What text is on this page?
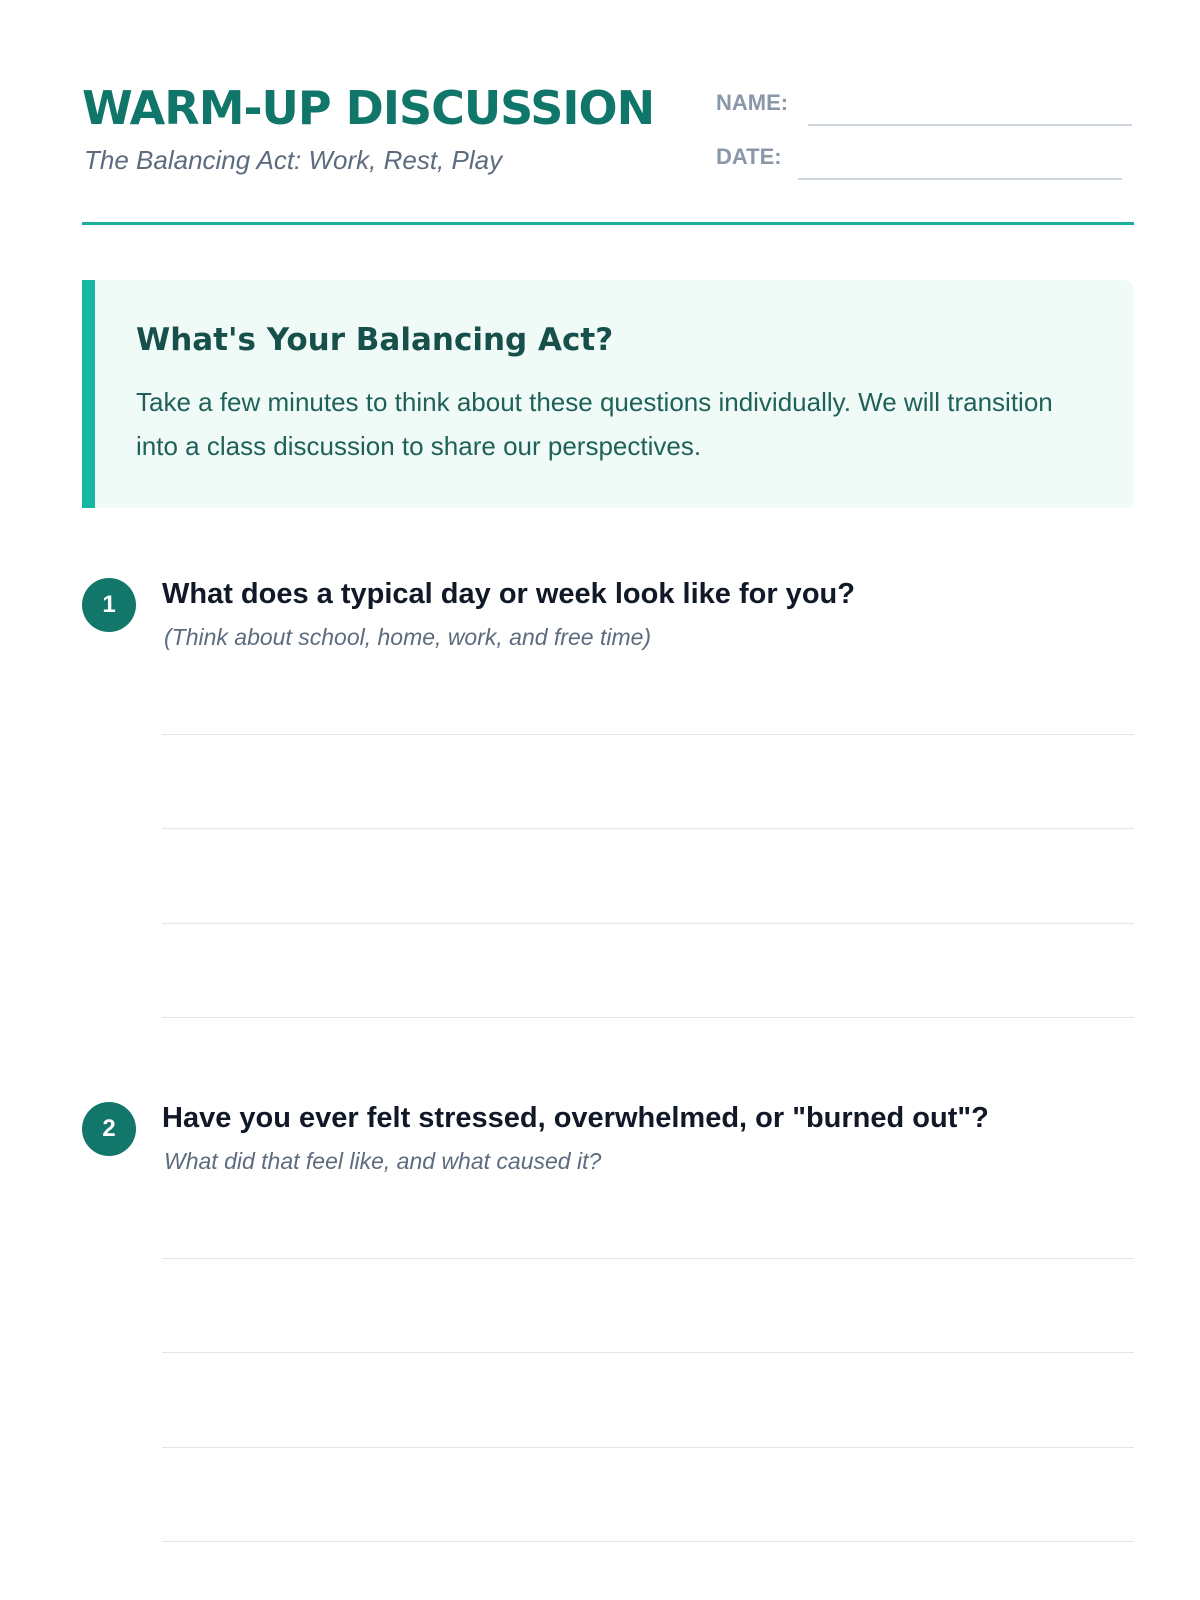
WARM-UP DISCUSSION
The Balancing Act: Work, Rest, Play
NAME:
DATE:
What's Your Balancing Act?

Take a few minutes to think about these questions individually. We will transition into a class discussion to share our perspectives.

1	What does a typical day or week look like for you?
(Think about school, home, work, and free time)
2	Have you ever felt stressed, overwhelmed, or "burned out"?
What did that feel like, and what caused it?
